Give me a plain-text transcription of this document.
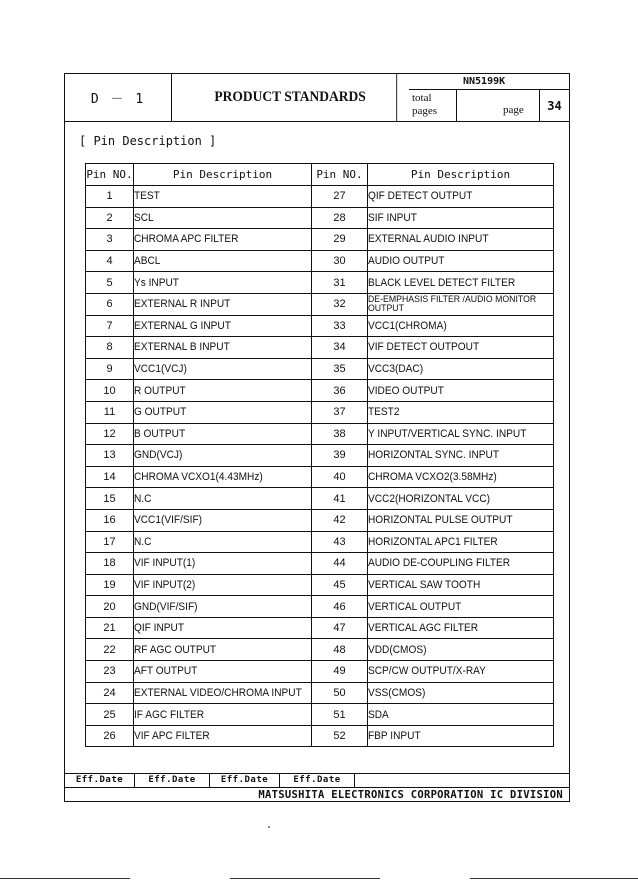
D － 1	PRODUCT STANDARDS
NN5199K
total
pages	page	34
[ Pin Description ]
Pin NO.	Pin Description	Pin NO.	Pin Description
1	TEST	27	QIF DETECT OUTPUT
2	SCL	28	SIF INPUT
3	CHROMA APC FILTER	29	EXTERNAL AUDIO INPUT
4	ABCL	30	AUDIO OUTPUT
5	Ys INPUT	31	BLACK LEVEL DETECT FILTER
6	EXTERNAL R INPUT	32	DE-EMPHASIS FILTER /AUDIO MONITOR OUTPUT
7	EXTERNAL G INPUT	33	VCC1(CHROMA)
8	EXTERNAL B INPUT	34	VIF DETECT OUTPOUT
9	VCC1(VCJ)	35	VCC3(DAC)
10	R OUTPUT	36	VIDEO OUTPUT
11	G OUTPUT	37	TEST2
12	B OUTPUT	38	Y INPUT/VERTICAL SYNC. INPUT
13	GND(VCJ)	39	HORIZONTAL SYNC. INPUT
14	CHROMA VCXO1(4.43MHz)	40	CHROMA VCXO2(3.58MHz)
15	N.C	41	VCC2(HORIZONTAL VCC)
16	VCC1(VIF/SIF)	42	HORIZONTAL PULSE OUTPUT
17	N.C	43	HORIZONTAL APC1 FILTER
18	VIF INPUT(1)	44	AUDIO DE-COUPLING FILTER
19	VIF INPUT(2)	45	VERTICAL SAW TOOTH
20	GND(VIF/SIF)	46	VERTICAL OUTPUT
21	QIF INPUT	47	VERTICAL AGC FILTER
22	RF AGC OUTPUT	48	VDD(CMOS)
23	AFT OUTPUT	49	SCP/CW OUTPUT/X-RAY
24	EXTERNAL VIDEO/CHROMA INPUT	50	VSS(CMOS)
25	IF AGC FILTER	51	SDA
26	VIF APC FILTER	52	FBP INPUT
Eff.Date	Eff.Date	Eff.Date	Eff.Date
MATSUSHITA ELECTRONICS CORPORATION IC DIVISION
